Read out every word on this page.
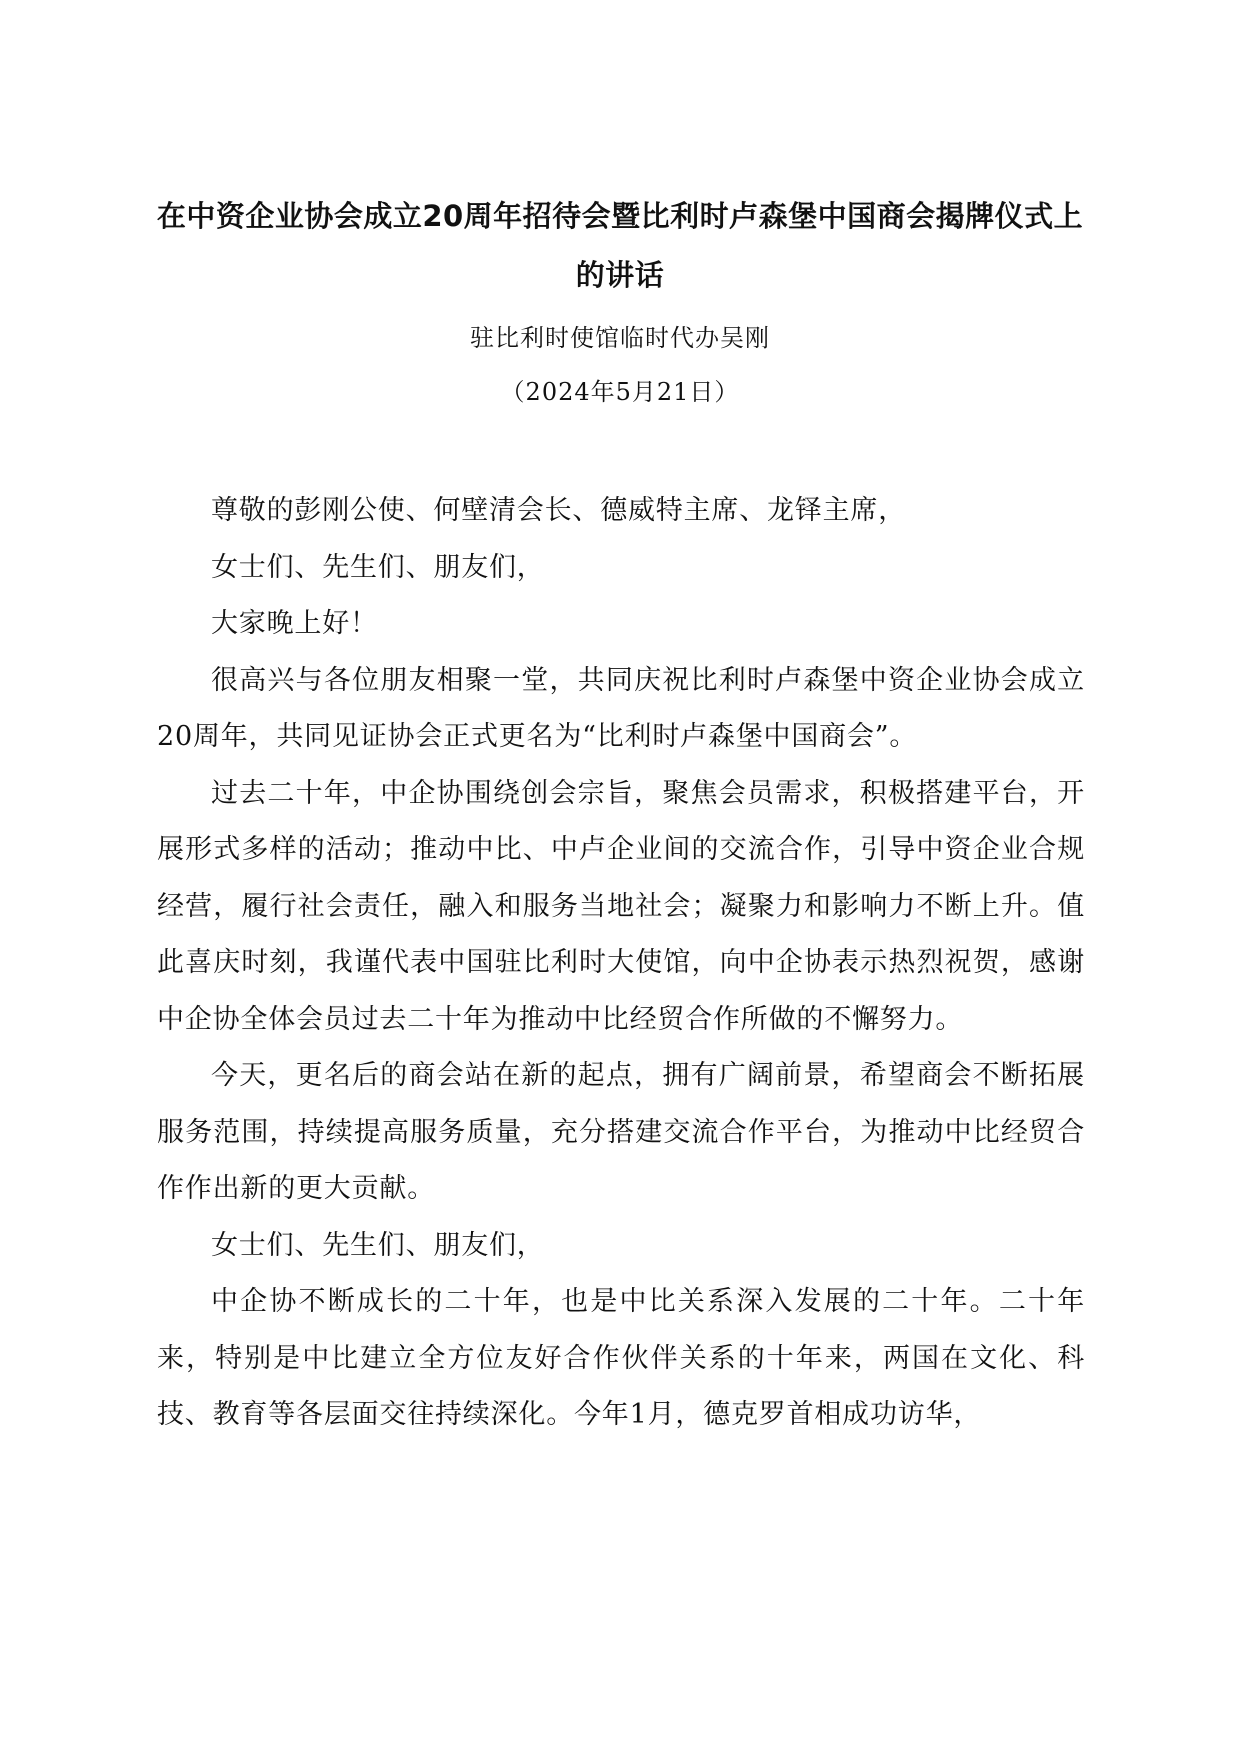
在中资企业协会成立20周年招待会暨比利时卢森堡中国商会揭牌仪式上
的讲话
驻比利时使馆临时代办吴刚
（2024年5月21日）

尊敬的彭刚公使、何壁清会长、德威特主席、龙铎主席，

女士们、先生们、朋友们，

大家晚上好！

很高兴与各位朋友相聚一堂，共同庆祝比利时卢森堡中资企业协会成立20周年，共同见证协会正式更名为“比利时卢森堡中国商会”。

过去二十年，中企协围绕创会宗旨，聚焦会员需求，积极搭建平台，开展形式多样的活动；推动中比、中卢企业间的交流合作，引导中资企业合规经营，履行社会责任，融入和服务当地社会；凝聚力和影响力不断上升。值此喜庆时刻，我谨代表中国驻比利时大使馆，向中企协表示热烈祝贺，感谢中企协全体会员过去二十年为推动中比经贸合作所做的不懈努力。

今天，更名后的商会站在新的起点，拥有广阔前景，希望商会不断拓展服务范围，持续提高服务质量，充分搭建交流合作平台，为推动中比经贸合作作出新的更大贡献。

女士们、先生们、朋友们，

中企协不断成长的二十年，也是中比关系深入发展的二十年。二十年来，特别是中比建立全方位友好合作伙伴关系的十年来，两国在文化、科技、教育等各层面交往持续深化。今年1月，德克罗首相成功访华，
